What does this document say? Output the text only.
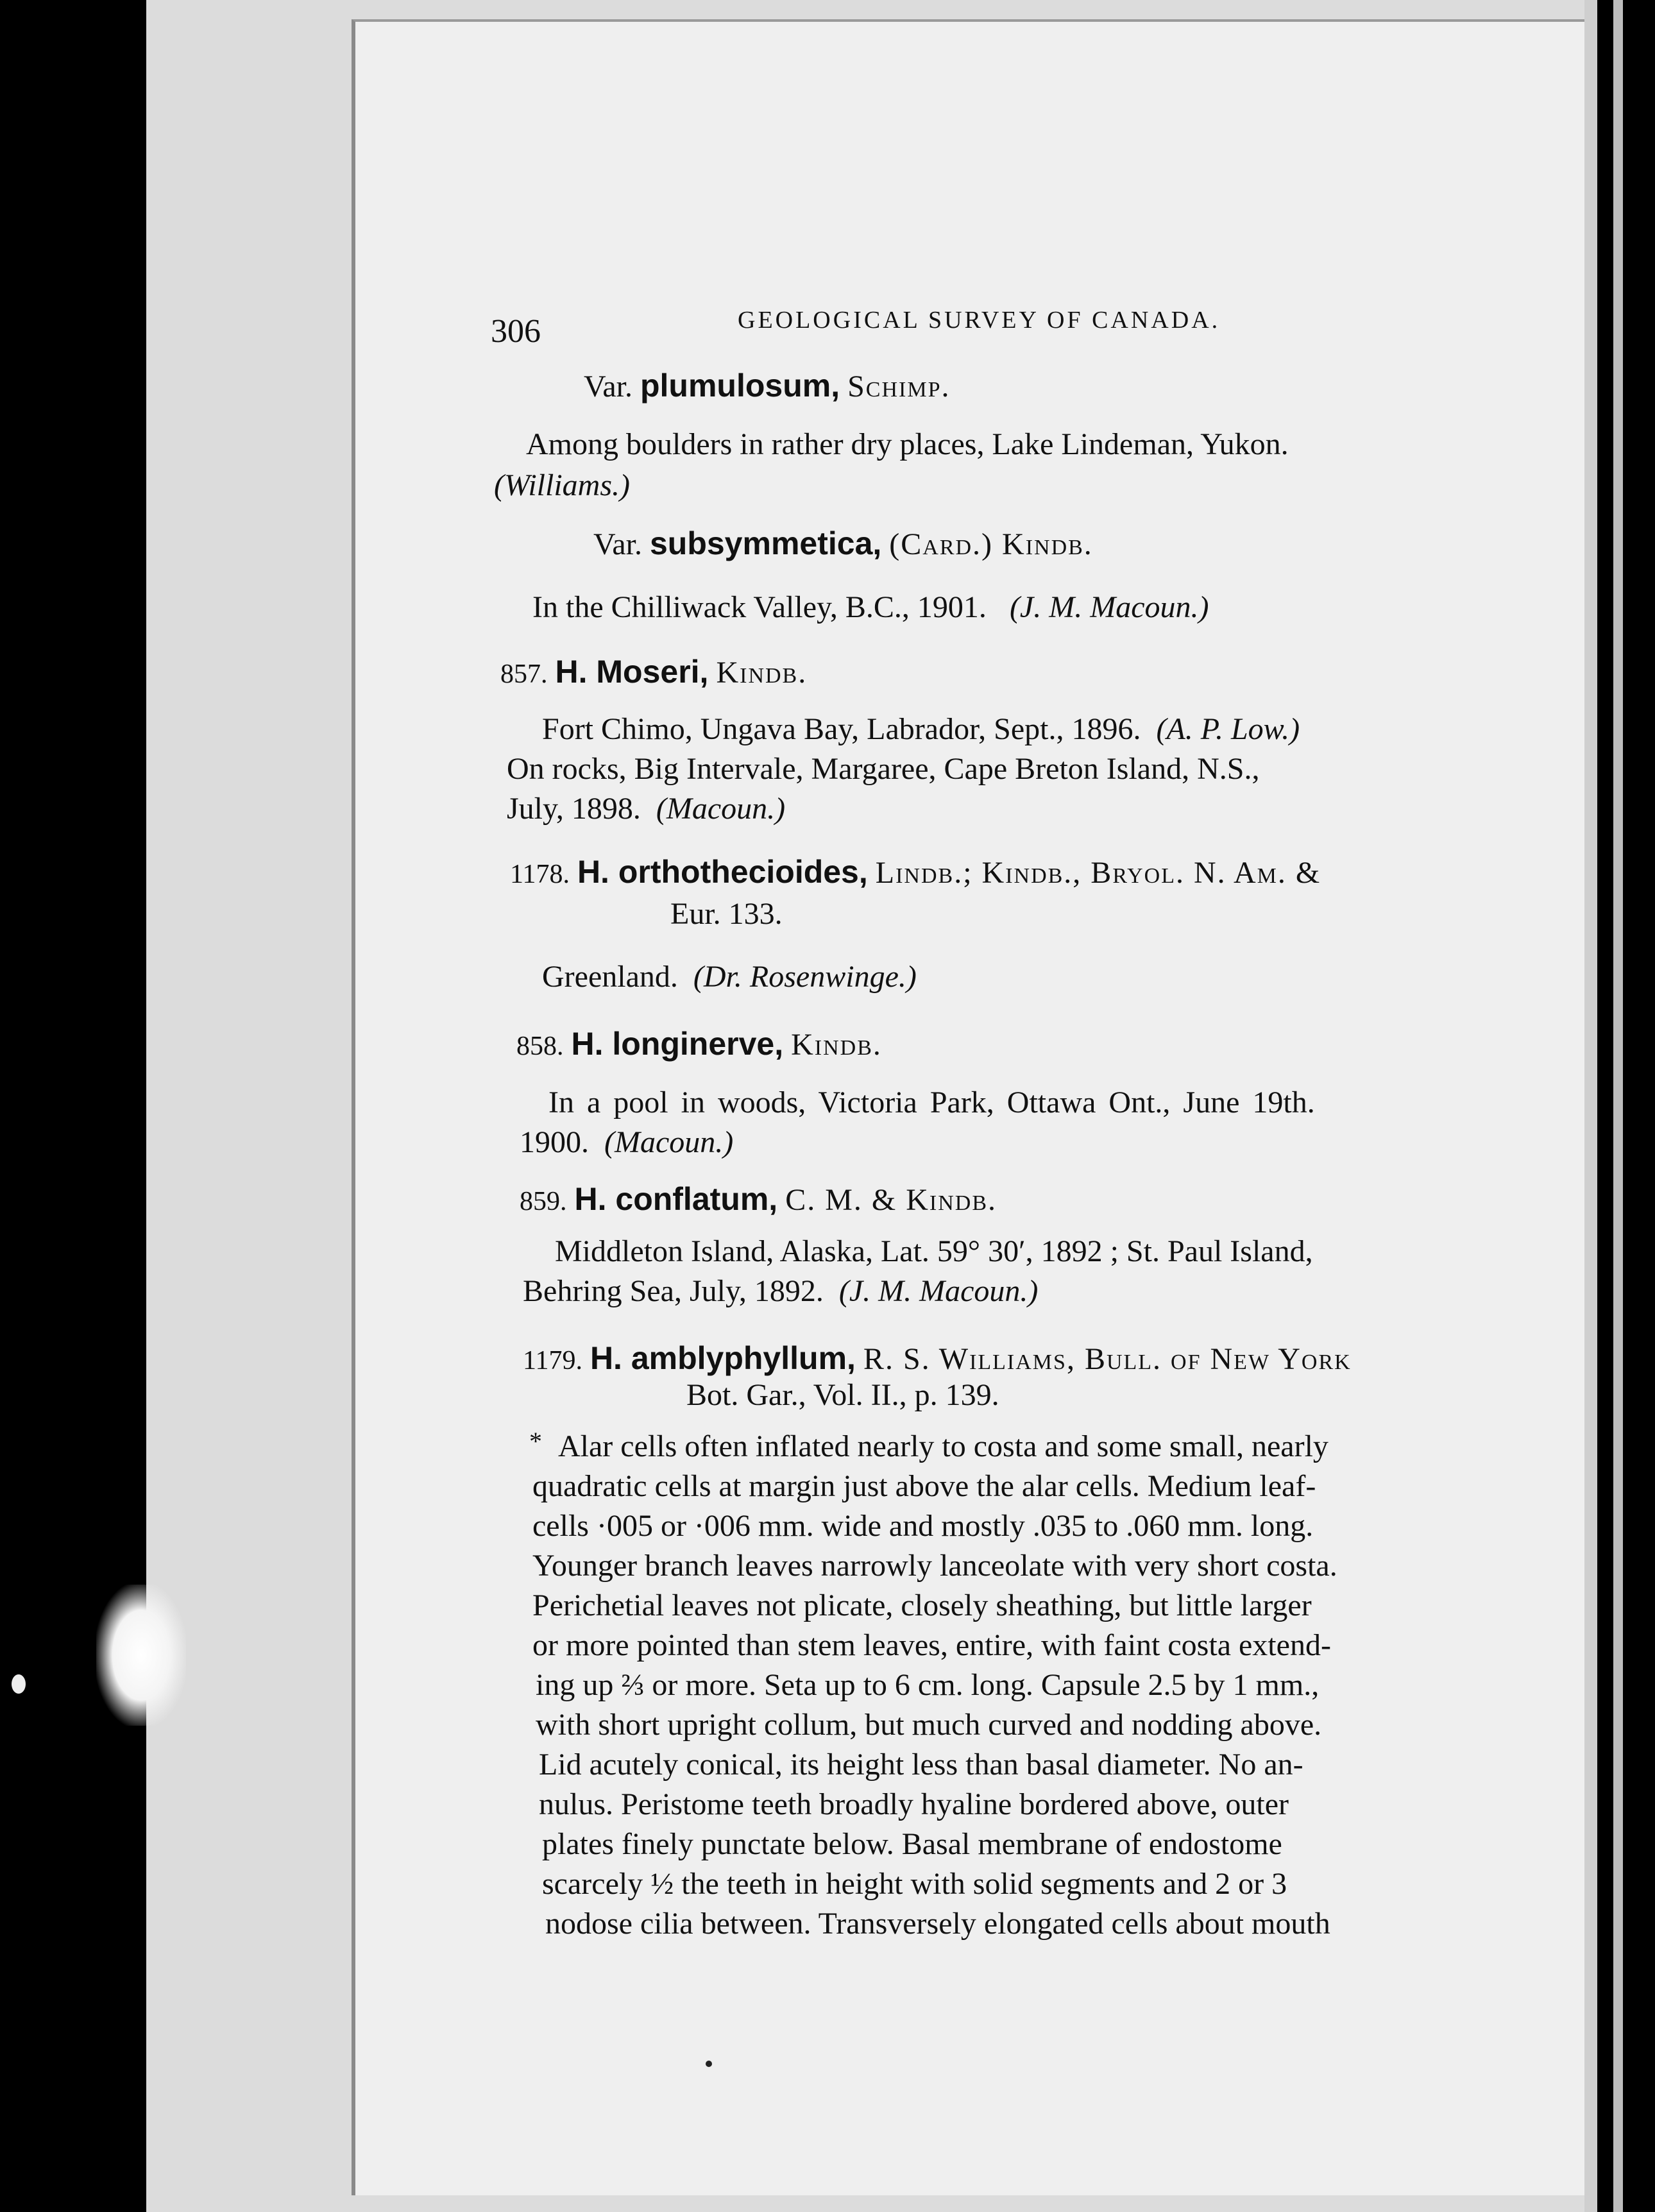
306	GEOLOGICAL SURVEY OF CANADA.
Var. plumulosum, Schimp.
Among boulders in rather dry places, Lake Lindeman, Yukon.
(Williams.)
Var. subsymmetica, (Card.) Kindb.
In the Chilliwack Valley, B.C., 1901. (J. M. Macoun.)
857. H. Moseri, Kindb.
Fort Chimo, Ungava Bay, Labrador, Sept., 1896. (A. P. Low.)
On rocks, Big Intervale, Margaree, Cape Breton Island, N.S.,
July, 1898. (Macoun.)
1178. H. orthothecioides, Lindb.; Kindb., Bryol. N. Am. &
Eur. 133.
Greenland. (Dr. Rosenwinge.)
858. H. longinerve, Kindb.
In a pool in woods, Victoria Park, Ottawa Ont., June 19th.
1900. (Macoun.)
859. H. conflatum, C. M. & Kindb.
Middleton Island, Alaska, Lat. 59° 30′, 1892 ; St. Paul Island,
Behring Sea, July, 1892. (J. M. Macoun.)
1179. H. amblyphyllum, R. S. Williams, Bull. of New York
Bot. Gar., Vol. II., p. 139.
* Alar cells often inflated nearly to costa and some small, nearly
quadratic cells at margin just above the alar cells. Medium leaf-
cells ·005 or ·006 mm. wide and mostly .035 to .060 mm. long.
Younger branch leaves narrowly lanceolate with very short costa.
Perichetial leaves not plicate, closely sheathing, but little larger
or more pointed than stem leaves, entire, with faint costa extend-
ing up ⅔ or more. Seta up to 6 cm. long. Capsule 2.5 by 1 mm.,
with short upright collum, but much curved and nodding above.
Lid acutely conical, its height less than basal diameter. No an-
nulus. Peristome teeth broadly hyaline bordered above, outer
plates finely punctate below. Basal membrane of endostome
scarcely ½ the teeth in height with solid segments and 2 or 3
nodose cilia between. Transversely elongated cells about mouth
